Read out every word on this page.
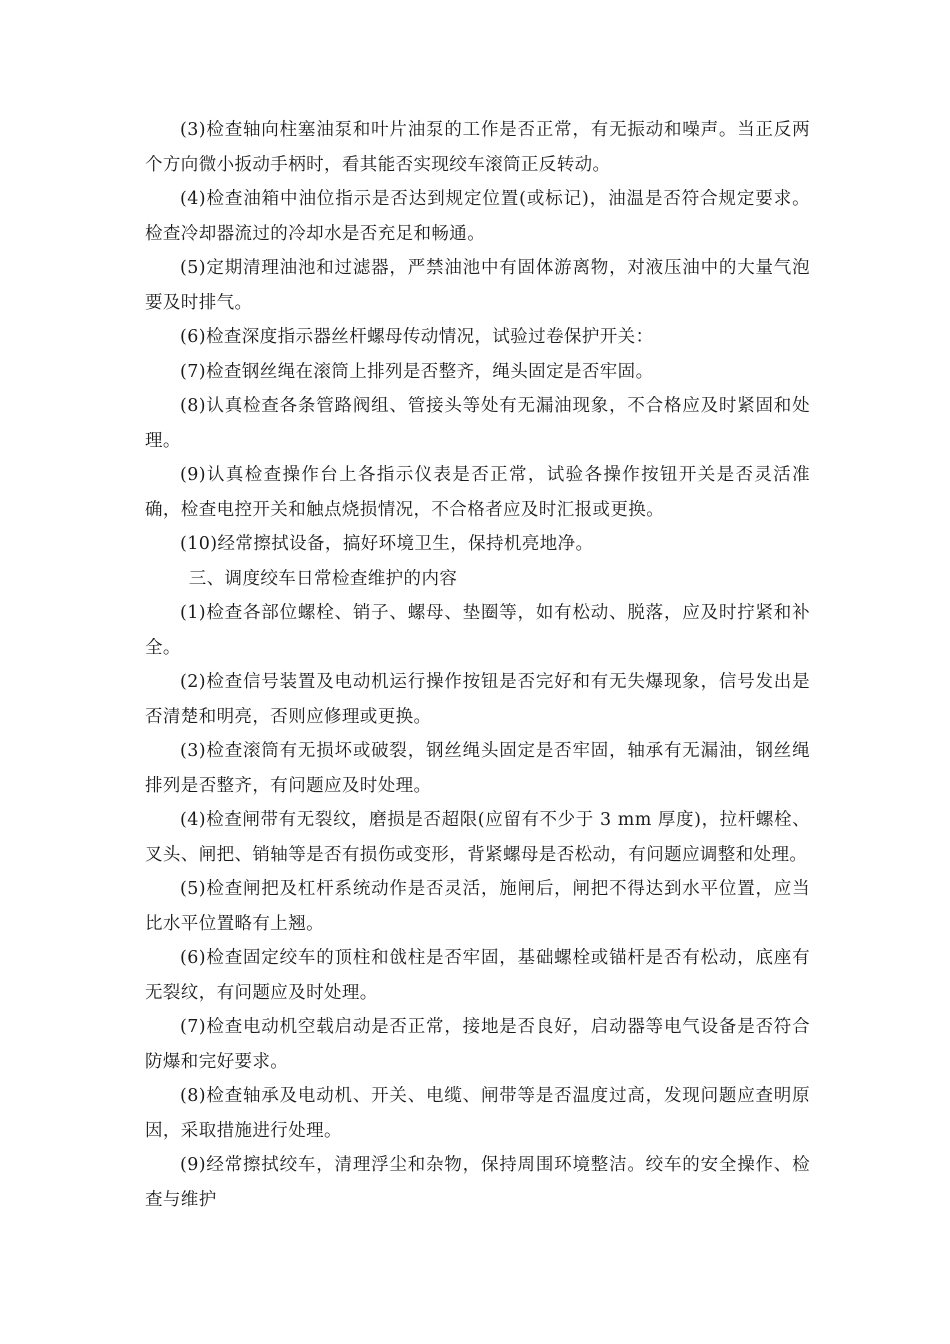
(3)检查轴向柱塞油泵和叶片油泵的工作是否正常，有无振动和噪声。当正反两个方向微小扳动手柄时，看其能否实现绞车滚筒正反转动。

(4)检查油箱中油位指示是否达到规定位置(或标记)，油温是否符合规定要求。检查冷却器流过的冷却水是否充足和畅通。

(5)定期清理油池和过滤器，严禁油池中有固体游离物，对液压油中的大量气泡要及时排气。

(6)检查深度指示器丝杆螺母传动情况，试验过卷保护开关：

(7)检查钢丝绳在滚筒上排列是否整齐，绳头固定是否牢固。

(8)认真检查各条管路阀组、管接头等处有无漏油现象，不合格应及时紧固和处理。

(9)认真检查操作台上各指示仪表是否正常，试验各操作按钮开关是否灵活准确，检查电控开关和触点烧损情况，不合格者应及时汇报或更换。

(10)经常擦拭设备，搞好环境卫生，保持机亮地净。

三、调度绞车日常检查维护的内容

(1)检查各部位螺栓、销子、螺母、垫圈等，如有松动、脱落，应及时拧紧和补全。

(2)检查信号装置及电动机运行操作按钮是否完好和有无失爆现象，信号发出是否清楚和明亮，否则应修理或更换。

(3)检查滚筒有无损坏或破裂，钢丝绳头固定是否牢固，轴承有无漏油，钢丝绳排列是否整齐，有问题应及时处理。

(4)检查闸带有无裂纹，磨损是否超限(应留有不少于 3 mm 厚度)，拉杆螺栓、叉头、闸把、销轴等是否有损伤或变形，背紧螺母是否松动，有问题应调整和处理。

(5)检查闸把及杠杆系统动作是否灵活，施闸后，闸把不得达到水平位置，应当比水平位置略有上翘。

(6)检查固定绞车的顶柱和戗柱是否牢固，基础螺栓或锚杆是否有松动，底座有无裂纹，有问题应及时处理。

(7)检查电动机空载启动是否正常，接地是否良好，启动器等电气设备是否符合防爆和完好要求。

(8)检查轴承及电动机、开关、电缆、闸带等是否温度过高，发现问题应查明原因，采取措施进行处理。

(9)经常擦拭绞车，清理浮尘和杂物，保持周围环境整洁。绞车的安全操作、检查与维护
